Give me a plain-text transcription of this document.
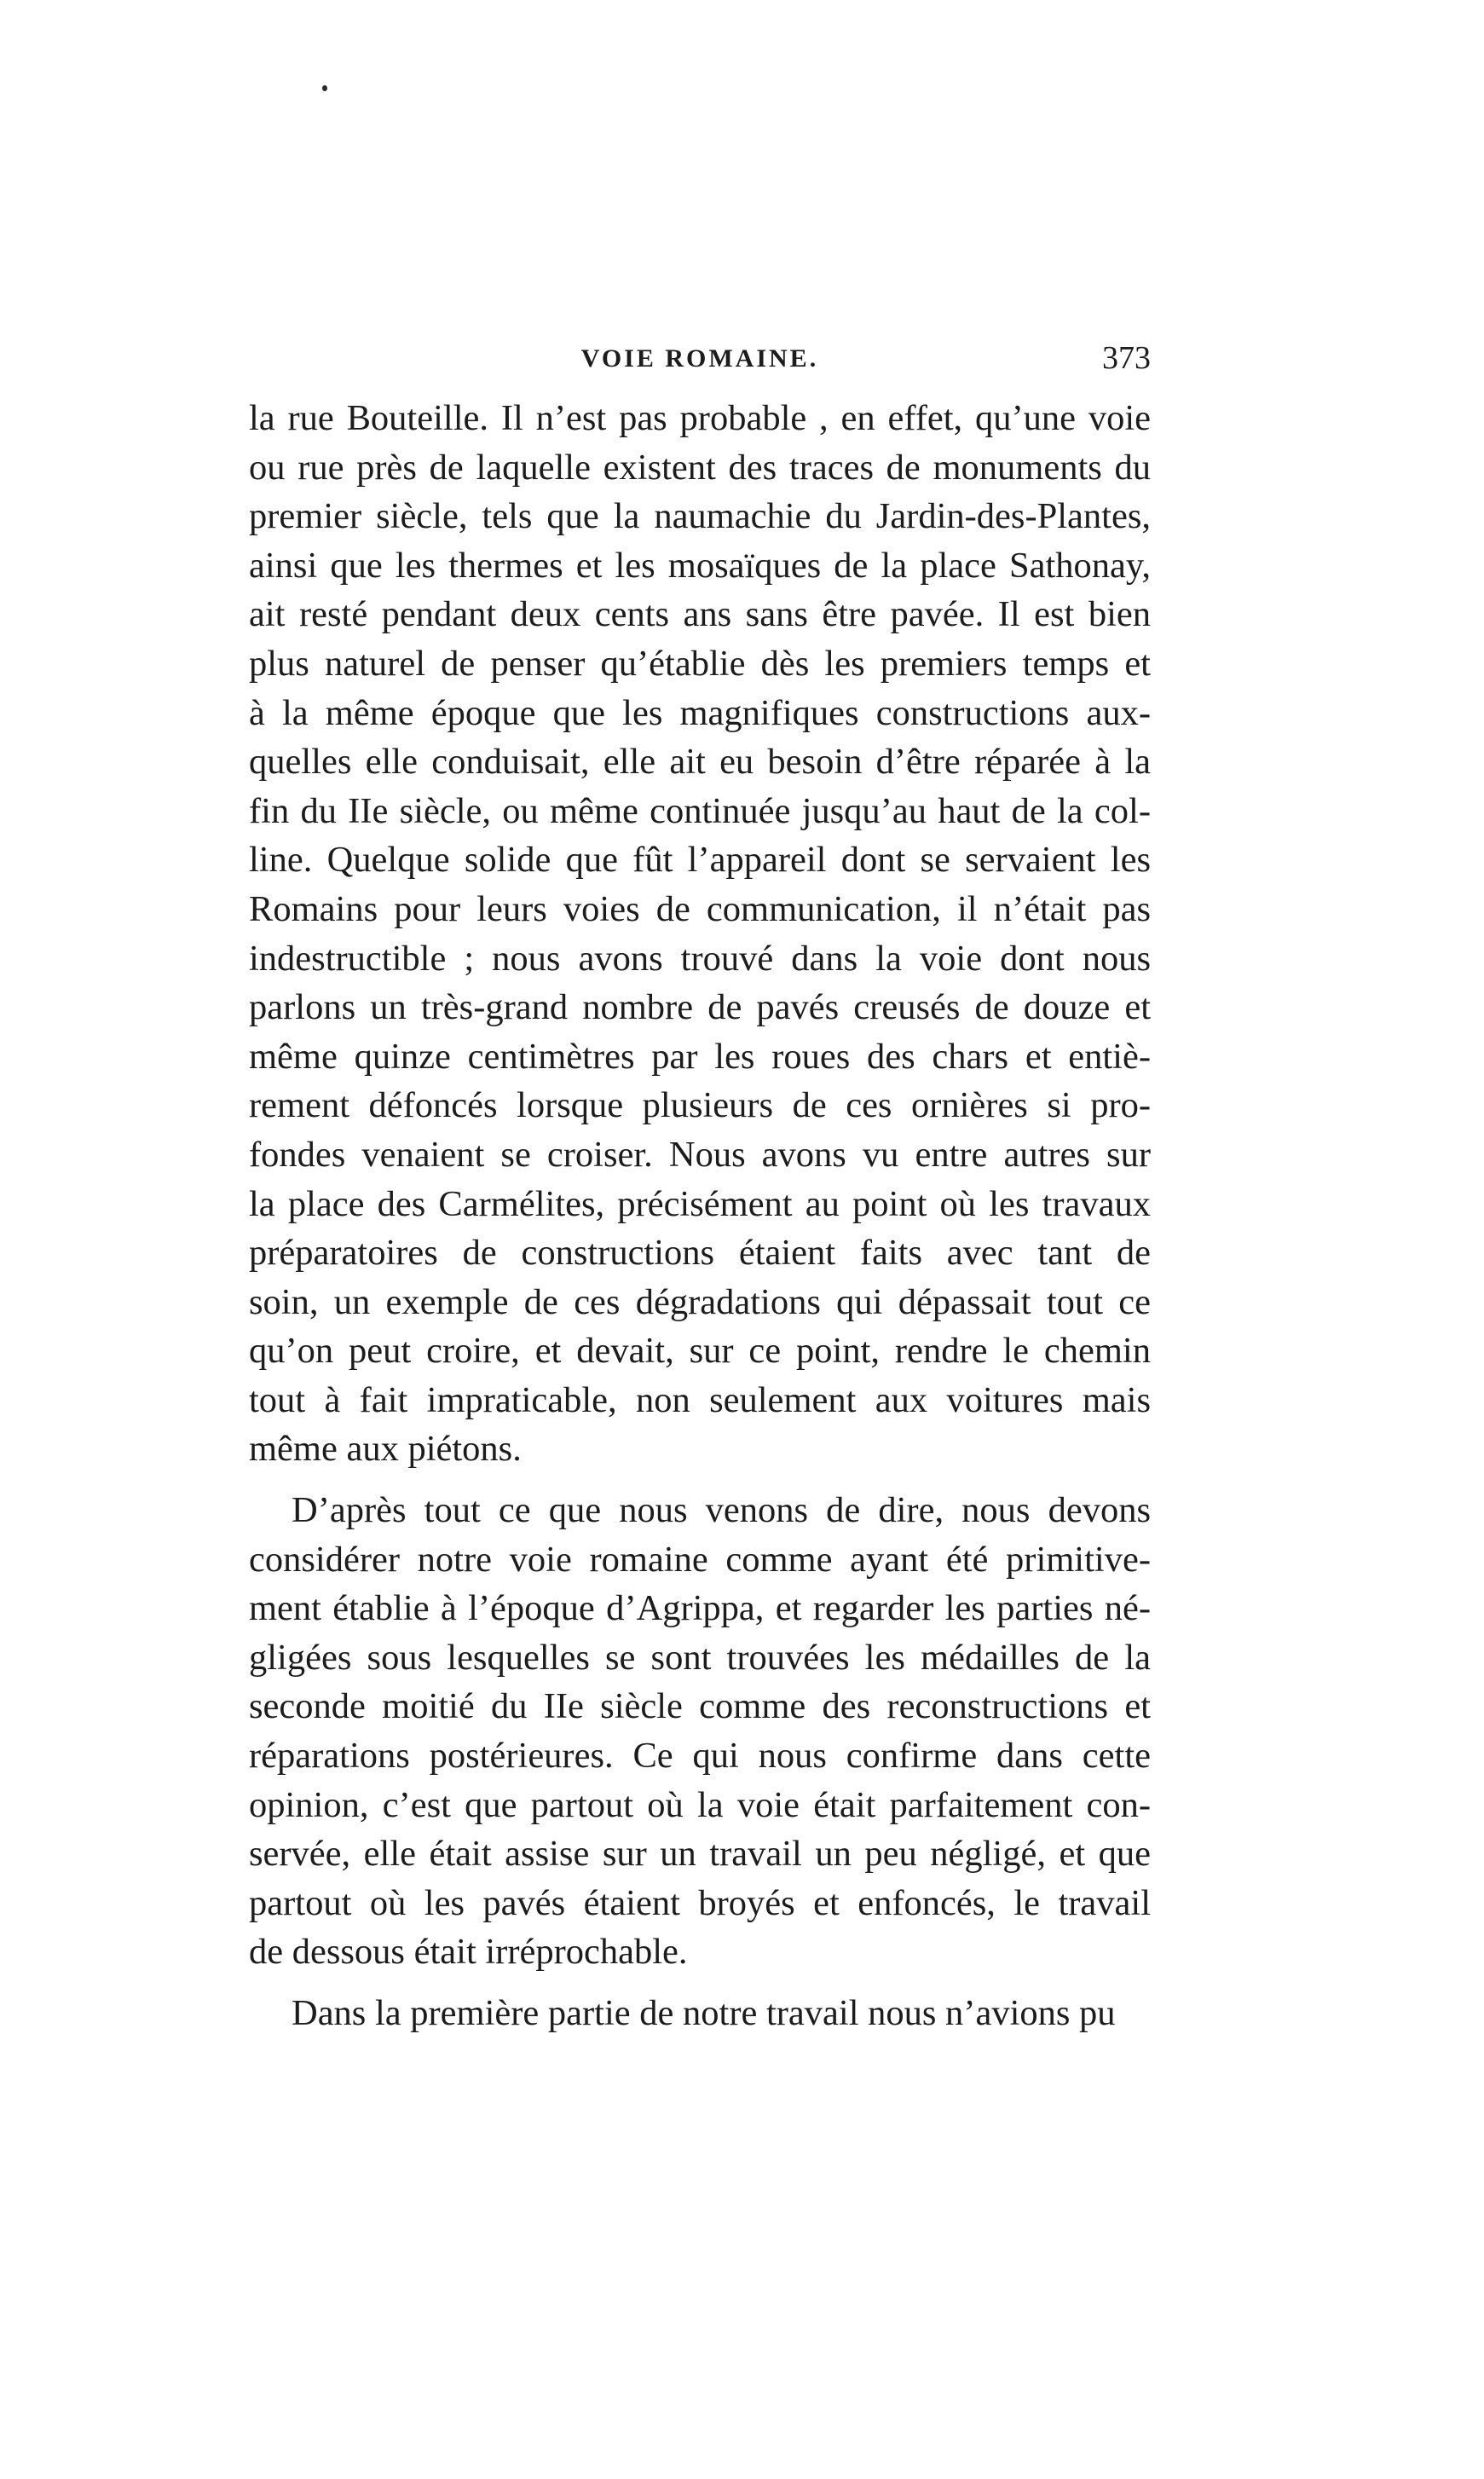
VOIE ROMAINE.	373
la rue Bouteille. Il n’est pas probable , en effet, qu’une voie
ou rue près de laquelle existent des traces de monuments du
premier siècle, tels que la naumachie du Jardin-des-Plantes,
ainsi que les thermes et les mosaïques de la place Sathonay,
ait resté pendant deux cents ans sans être pavée. Il est bien
plus naturel de penser qu’établie dès les premiers temps et
à la même époque que les magnifiques constructions aux-
quelles elle conduisait, elle ait eu besoin d’être réparée à la
fin du IIe siècle, ou même continuée jusqu’au haut de la col-
line. Quelque solide que fût l’appareil dont se servaient les
Romains pour leurs voies de communication, il n’était pas
indestructible ; nous avons trouvé dans la voie dont nous
parlons un très-grand nombre de pavés creusés de douze et
même quinze centimètres par les roues des chars et entiè-
rement défoncés lorsque plusieurs de ces ornières si pro-
fondes venaient se croiser. Nous avons vu entre autres sur
la place des Carmélites, précisément au point où les travaux
préparatoires de constructions étaient faits avec tant de
soin, un exemple de ces dégradations qui dépassait tout ce
qu’on peut croire, et devait, sur ce point, rendre le chemin
tout à fait impraticable, non seulement aux voitures mais
même aux piétons.
D’après tout ce que nous venons de dire, nous devons
considérer notre voie romaine comme ayant été primitive-
ment établie à l’époque d’Agrippa, et regarder les parties né-
gligées sous lesquelles se sont trouvées les médailles de la
seconde moitié du IIe siècle comme des reconstructions et
réparations postérieures. Ce qui nous confirme dans cette
opinion, c’est que partout où la voie était parfaitement con-
servée, elle était assise sur un travail un peu négligé, et que
partout où les pavés étaient broyés et enfoncés, le travail
de dessous était irréprochable.
Dans la première partie de notre travail nous n’avions pu
